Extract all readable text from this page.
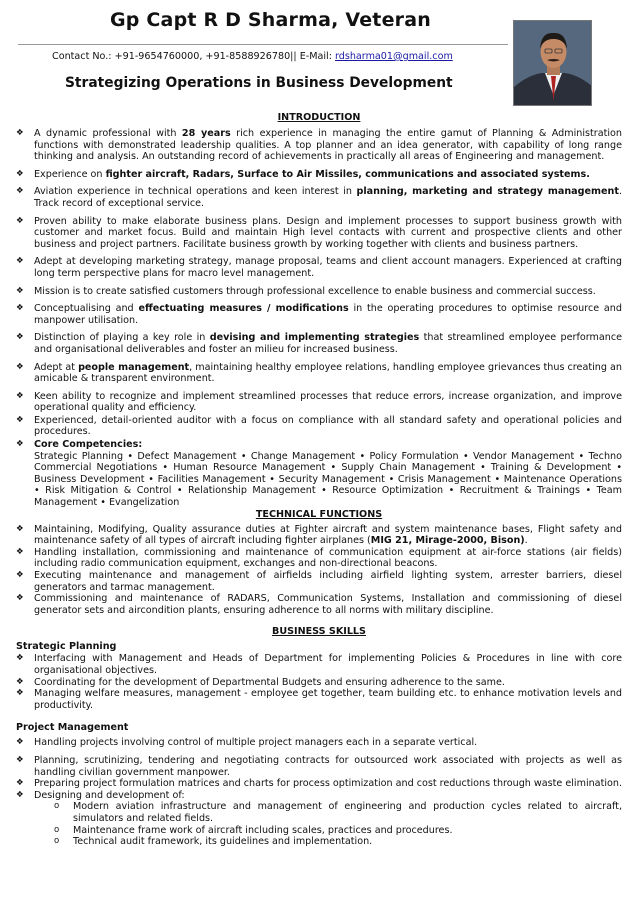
Gp Capt R D Sharma, Veteran
Contact No.: +91-9654760000, +91-8588926780|| E-Mail: rdsharma01@gmail.com
Strategizing Operations in Business Development
INTRODUCTION
❖ A dynamic professional with 28 years rich experience in managing the entire gamut of Planning & Administration functions with demonstrated leadership qualities. A top planner and an idea generator, with capability of long range thinking and analysis. An outstanding record of achievements in practically all areas of Engineering and management.
❖ Experience on fighter aircraft, Radars, Surface to Air Missiles, communications and associated systems.
❖ Aviation experience in technical operations and keen interest in planning, marketing and strategy management. Track record of exceptional service.
❖ Proven ability to make elaborate business plans. Design and implement processes to support business growth with customer and market focus. Build and maintain High level contacts with current and prospective clients and other business and project partners. Facilitate business growth by working together with clients and business partners.
❖ Adept at developing marketing strategy, manage proposal, teams and client account managers. Experienced at crafting long term perspective plans for macro level management.
❖ Mission is to create satisfied customers through professional excellence to enable business and commercial success.
❖ Conceptualising and effectuating measures / modifications in the operating procedures to optimise resource and manpower utilisation.
❖ Distinction of playing a key role in devising and implementing strategies that streamlined employee performance and organisational deliverables and foster an milieu for increased business.
❖ Adept at people management, maintaining healthy employee relations, handling employee grievances thus creating an amicable & transparent environment.
❖ Keen ability to recognize and implement streamlined processes that reduce errors, increase organization, and improve operational quality and efficiency.
❖ Experienced, detail-oriented auditor with a focus on compliance with all standard safety and operational policies and procedures.
❖ Core Competencies:
Strategic Planning • Defect Management • Change Management • Policy Formulation • Vendor Management • Techno Commercial Negotiations • Human Resource Management • Supply Chain Management • Training & Development • Business Development • Facilities Management • Security Management • Crisis Management • Maintenance Operations • Risk Mitigation & Control • Relationship Management • Resource Optimization • Recruitment & Trainings • Team Management • Evangelization
TECHNICAL FUNCTIONS
❖ Maintaining, Modifying, Quality assurance duties at Fighter aircraft and system maintenance bases, Flight safety and maintenance safety of all types of aircraft including fighter airplanes (MIG 21, Mirage-2000, Bison).
❖ Handling installation, commissioning and maintenance of communication equipment at air-force stations (air fields) including radio communication equipment, exchanges and non-directional beacons.
❖ Executing maintenance and management of airfields including airfield lighting system, arrester barriers, diesel generators and tarmac management.
❖ Commissioning and maintenance of RADARS, Communication Systems, Installation and commissioning of diesel generator sets and aircondition plants, ensuring adherence to all norms with military discipline.
BUSINESS SKILLS
Strategic Planning
❖ Interfacing with Management and Heads of Department for implementing Policies & Procedures in line with core organisational objectives.
❖ Coordinating for the development of Departmental Budgets and ensuring adherence to the same.
❖ Managing welfare measures, management - employee get together, team building etc. to enhance motivation levels and productivity.
Project Management
❖ Handling projects involving control of multiple project managers each in a separate vertical.
❖ Planning, scrutinizing, tendering and negotiating contracts for outsourced work associated with projects as well as handling civilian government manpower.
❖ Preparing project formulation matrices and charts for process optimization and cost reductions through waste elimination.
❖ Designing and development of:
o Modern aviation infrastructure and management of engineering and production cycles related to aircraft, simulators and related fields.
o Maintenance frame work of aircraft including scales, practices and procedures.
o Technical audit framework, its guidelines and implementation.
